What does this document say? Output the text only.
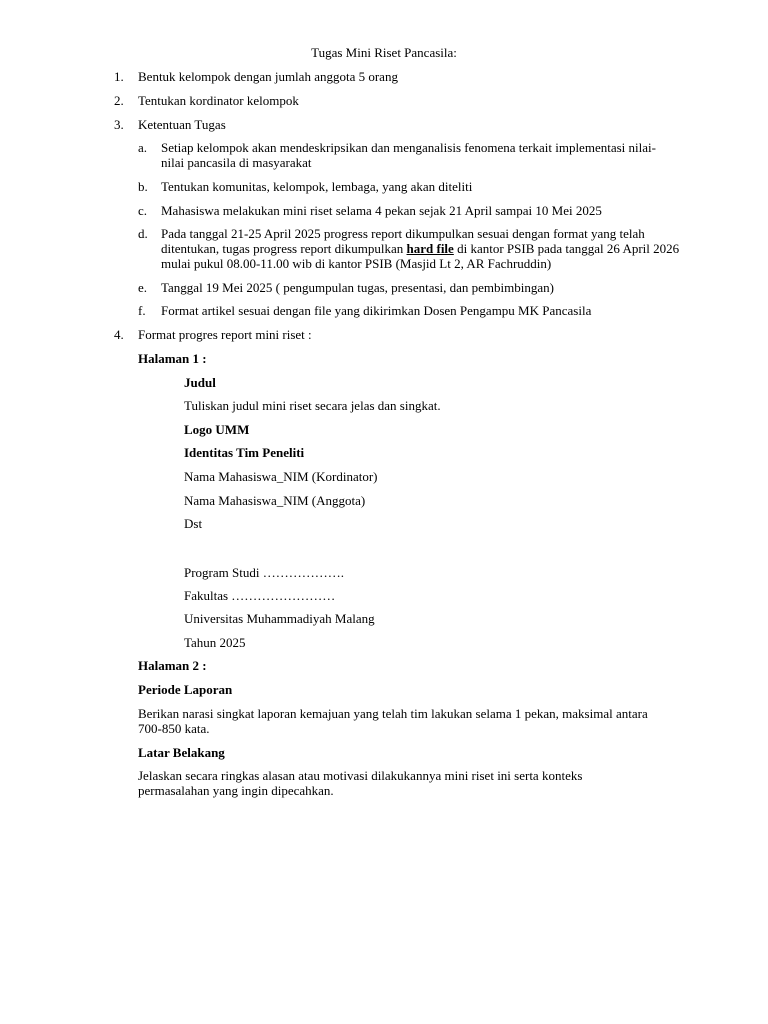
Tugas Mini Riset Pancasila:
1. Bentuk kelompok dengan jumlah anggota 5 orang
2. Tentukan kordinator kelompok
3. Ketentuan Tugas
a. Setiap kelompok akan mendeskripsikan dan menganalisis fenomena terkait implementasi nilai-nilai pancasila di masyarakat
b. Tentukan komunitas, kelompok, lembaga, yang akan diteliti
c. Mahasiswa melakukan mini riset selama 4 pekan sejak 21 April sampai 10 Mei 2025
d. Pada tanggal 21-25 April 2025 progress report dikumpulkan sesuai dengan format yang telah ditentukan, tugas progress report dikumpulkan hard file di kantor PSIB pada tanggal 26 April 2026 mulai pukul 08.00-11.00 wib di kantor PSIB (Masjid Lt 2, AR Fachruddin)
e. Tanggal 19 Mei 2025 ( pengumpulan tugas, presentasi, dan pembimbingan)
f. Format artikel sesuai dengan file yang dikirimkan Dosen Pengampu MK Pancasila
4. Format progres report mini riset :
Halaman 1 :
Judul
Tuliskan judul mini riset secara jelas dan singkat.
Logo UMM
Identitas Tim Peneliti
Nama Mahasiswa_NIM (Kordinator)
Nama Mahasiswa_NIM (Anggota)
Dst
Program Studi ……………….
Fakultas ……………………
Universitas Muhammadiyah Malang
Tahun 2025
Halaman 2 :
Periode Laporan
Berikan narasi singkat laporan kemajuan yang telah tim lakukan selama 1 pekan, maksimal antara 700-850 kata.
Latar Belakang
Jelaskan secara ringkas alasan atau motivasi dilakukannya mini riset ini serta konteks permasalahan yang ingin dipecahkan.
